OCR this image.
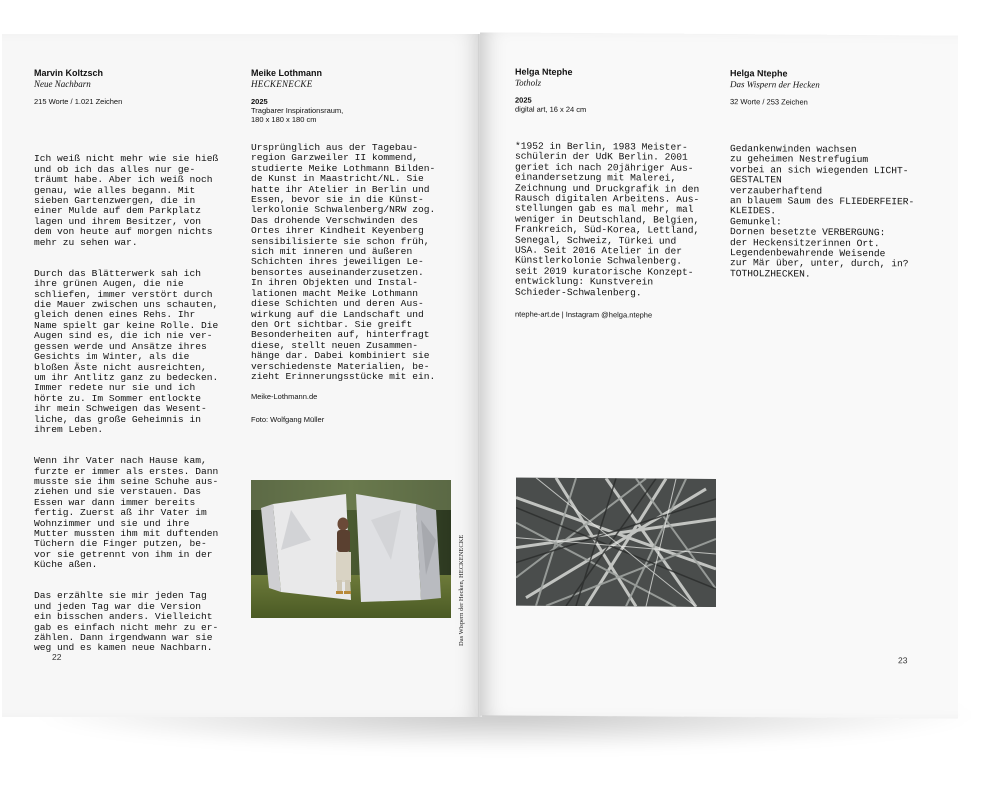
Marvin Koltzsch
Neue Nachbarn
215 Worte / 1.021 Zeichen

Ich weiß nicht mehr wie sie hieß
und ob ich das alles nur ge-
träumt habe. Aber ich weiß noch
genau, wie alles begann. Mit
sieben Gartenzwergen, die in
einer Mulde auf dem Parkplatz
lagen und ihrem Besitzer, von
dem von heute auf morgen nichts
mehr zu sehen war.

Durch das Blätterwerk sah ich
ihre grünen Augen, die nie
schliefen, immer verstört durch
die Mauer zwischen uns schauten,
gleich denen eines Rehs. Ihr
Name spielt gar keine Rolle. Die
Augen sind es, die ich nie ver-
gessen werde und Ansätze ihres
Gesichts im Winter, als die
bloßen Äste nicht ausreichten,
um ihr Antlitz ganz zu bedecken.
Immer redete nur sie und ich
hörte zu. Im Sommer entlockte
ihr mein Schweigen das Wesent-
liche, das große Geheimnis in
ihrem Leben.

Wenn ihr Vater nach Hause kam,
furzte er immer als erstes. Dann
musste sie ihm seine Schuhe aus-
ziehen und sie verstauen. Das
Essen war dann immer bereits
fertig. Zuerst aß ihr Vater im
Wohnzimmer und sie und ihre
Mutter mussten ihm mit duftenden
Tüchern die Finger putzen, be-
vor sie getrennt von ihm in der
Küche aßen.

Das erzählte sie mir jeden Tag
und jeden Tag war die Version
ein bisschen anders. Vielleicht
gab es einfach nicht mehr zu er-
zählen. Dann irgendwann war sie
weg und es kamen neue Nachbarn.

Meike Lothmann
HECKENECKE
2025
Tragbarer Inspirationsraum,
180 x 180 x 180 cm
Ursprünglich aus der Tagebau-
region Garzweiler II kommend,
studierte Meike Lothmann Bilden-
de Kunst in Maastricht/NL. Sie
hatte ihr Atelier in Berlin und
Essen, bevor sie in die Künst-
lerkolonie Schwalenberg/NRW zog.
Das drohende Verschwinden des
Ortes ihrer Kindheit Keyenberg
sensibilisierte sie schon früh,
sich mit inneren und äußeren
Schichten ihres jeweiligen Le-
bensortes auseinanderzusetzen.
In ihren Objekten und Instal-
lationen macht Meike Lothmann
diese Schichten und deren Aus-
wirkung auf die Landschaft und
den Ort sichtbar. Sie greift
Besonderheiten auf, hinterfragt
diese, stellt neuen Zusammen-
hänge dar. Dabei kombiniert sie
verschiedenste Materialien, be-
zieht Erinnerungsstücke mit ein.
Meike-Lothmann.de
Foto: Wolfgang Müller
Das Wispern der Hecken, HECKENECKE
22
Helga Ntephe
Totholz
2025
digital art, 16 x 24 cm
*1952 in Berlin, 1983 Meister-
schülerin der UdK Berlin. 2001
geriet ich nach 20jähriger Aus-
einandersetzung mit Malerei,
Zeichnung und Druckgrafik in den
Rausch digitalen Arbeitens. Aus-
stellungen gab es mal mehr, mal
weniger in Deutschland, Belgien,
Frankreich, Süd-Korea, Lettland,
Senegal, Schweiz, Türkei und
USA. Seit 2016 Atelier in der
Künstlerkolonie Schwalenberg.
seit 2019 kuratorische Konzept-
entwicklung: Kunstverein
Schieder-Schwalenberg.
ntephe-art.de | Instagram @helga.ntephe
Helga Ntephe
Das Wispern der Hecken
32 Worte / 253 Zeichen
Gedankenwinden wachsen
zu geheimen Nestrefugium
vorbei an sich wiegenden LICHT-
GESTALTEN
verzauberhaftend
an blauem Saum des FLIEDERFEIER-
KLEIDES.
Gemunkel:
Dornen besetzte VERBERGUNG:
der Heckensitzerinnen Ort.
Legendenbewahrende Weisende
zur Mär über, unter, durch, in?
TOTHOLZHECKEN.
23
